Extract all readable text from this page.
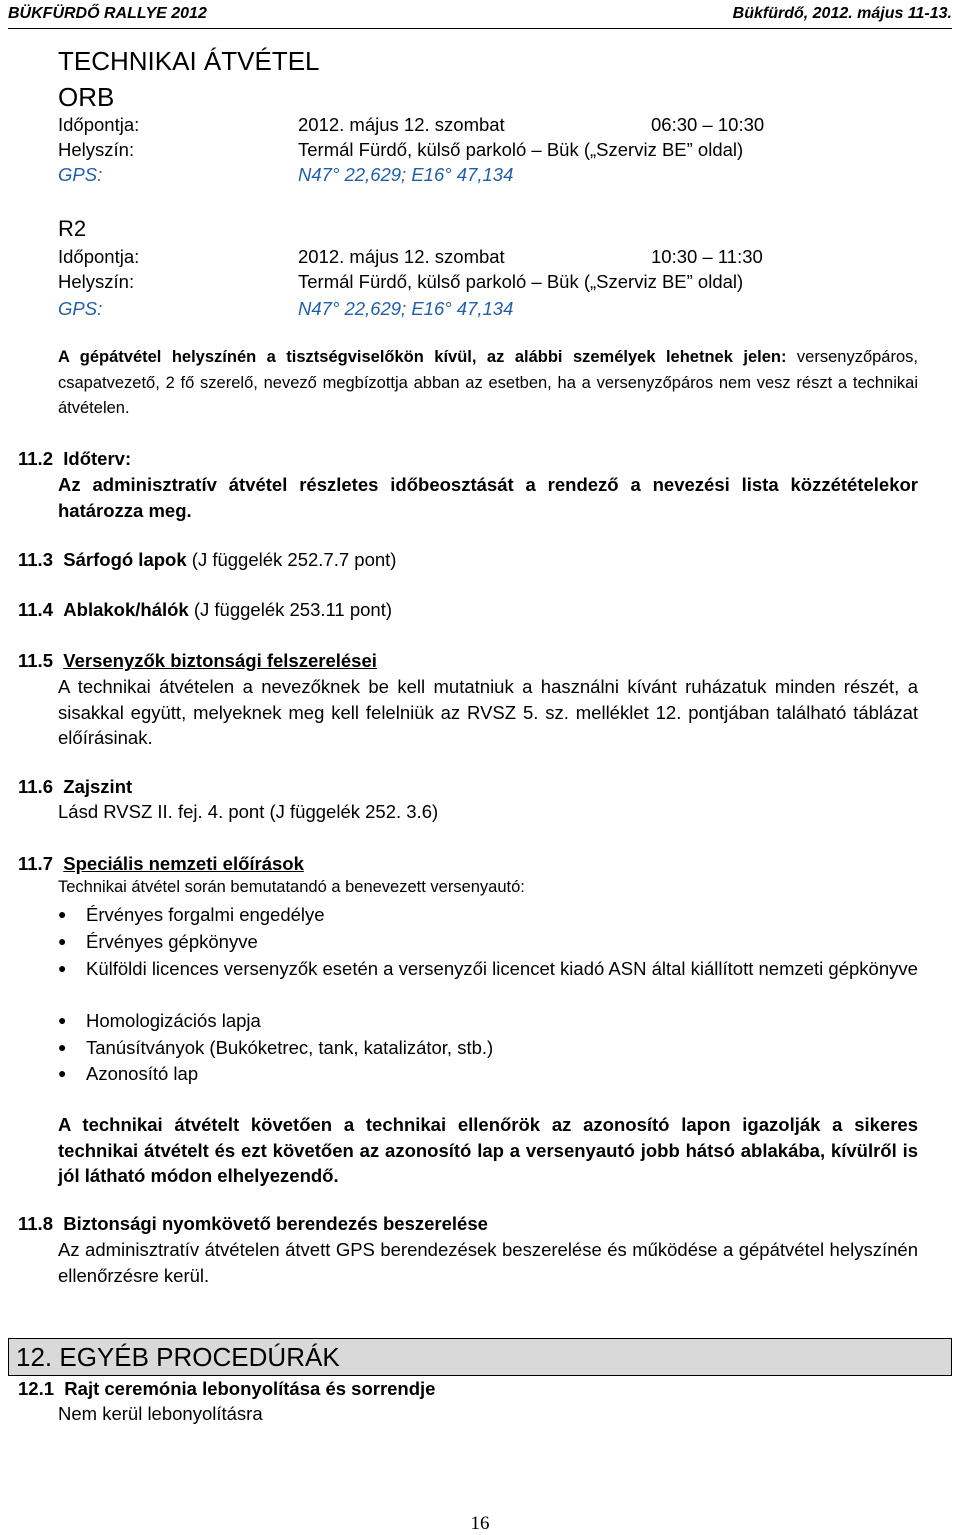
BÜKFÜRDŐ RALLYE 2012	Bükfürdő, 2012. május 11-13.
TECHNIKAI ÁTVÉTEL
ORB
Időpontja:	2012. május 12. szombat	06:30 – 10:30
Helyszín:	Termál Fürdő, külső parkoló – Bük („Szerviz BE” oldal)
GPS:	N47° 22,629; E16° 47,134
R2
Időpontja:	2012. május 12. szombat	10:30 – 11:30
Helyszín:	Termál Fürdő, külső parkoló – Bük („Szerviz BE” oldal)
GPS:	N47° 22,629; E16° 47,134
A gépátvétel helyszínén a tisztségviselőkön kívül, az alábbi személyek lehetnek jelen: versenyzőpáros, csapatvezető, 2 fő szerelő, nevező megbízottja abban az esetben, ha a versenyzőpáros nem vesz részt a technikai átvételen.
11.2 Időterv:
Az adminisztratív átvétel részletes időbeosztását a rendező a nevezési lista közzétételekor határozza meg.
11.3 Sárfogó lapok (J függelék 252.7.7 pont)
11.4 Ablakok/hálók (J függelék 253.11 pont)
11.5 Versenyzők biztonsági felszerelései
A technikai átvételen a nevezőknek be kell mutatniuk a használni kívánt ruházatuk minden részét, a sisakkal együtt, melyeknek meg kell felelniük az RVSZ 5. sz. melléklet 12. pontjában található táblázat előírásinak.
11.6 Zajszint
Lásd RVSZ II. fej. 4. pont (J függelék 252. 3.6)
11.7 Speciális nemzeti előírások
Technikai átvétel során bemutatandó a benevezett versenyautó:
● Érvényes forgalmi engedélye
● Érvényes gépkönyve
● Külföldi licences versenyzők esetén a versenyzői licencet kiadó ASN által kiállított nemzeti gépkönyve
● Homologizációs lapja
● Tanúsítványok (Bukóketrec, tank, katalizátor, stb.)
● Azonosító lap
A technikai átvételt követően a technikai ellenőrök az azonosító lapon igazolják a sikeres technikai átvételt és ezt követően az azonosító lap a versenyautó jobb hátsó ablakába, kívülről is jól látható módon elhelyezendő.
11.8 Biztonsági nyomkövető berendezés beszerelése
Az adminisztratív átvételen átvett GPS berendezések beszerelése és működése a gépátvétel helyszínén ellenőrzésre kerül.
12. EGYÉB PROCEDÚRÁK
12.1 Rajt ceremónia lebonyolítása és sorrendje
Nem kerül lebonyolításra
16
